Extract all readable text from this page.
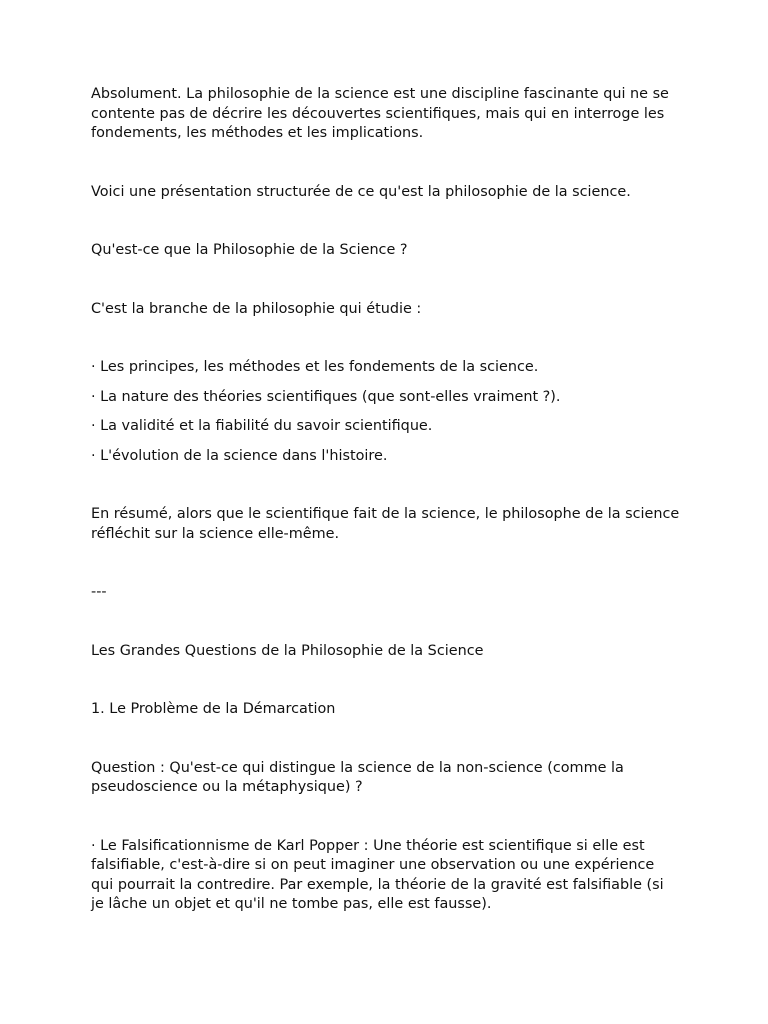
Absolument. La philosophie de la science est une discipline fascinante qui ne se contente pas de décrire les découvertes scientifiques, mais qui en interroge les fondements, les méthodes et les implications.

Voici une présentation structurée de ce qu'est la philosophie de la science.

Qu'est-ce que la Philosophie de la Science ?

C'est la branche de la philosophie qui étudie :

· Les principes, les méthodes et les fondements de la science.

· La nature des théories scientifiques (que sont-elles vraiment ?).

· La validité et la fiabilité du savoir scientifique.

· L'évolution de la science dans l'histoire.

En résumé, alors que le scientifique fait de la science, le philosophe de la science réfléchit sur la science elle-même.

---

Les Grandes Questions de la Philosophie de la Science

1. Le Problème de la Démarcation

Question : Qu'est-ce qui distingue la science de la non-science (comme la pseudoscience ou la métaphysique) ?

· Le Falsificationnisme de Karl Popper : Une théorie est scientifique si elle est falsifiable, c'est-à-dire si on peut imaginer une observation ou une expérience qui pourrait la contredire. Par exemple, la théorie de la gravité est falsifiable (si je lâche un objet et qu'il ne tombe pas, elle est fausse).
